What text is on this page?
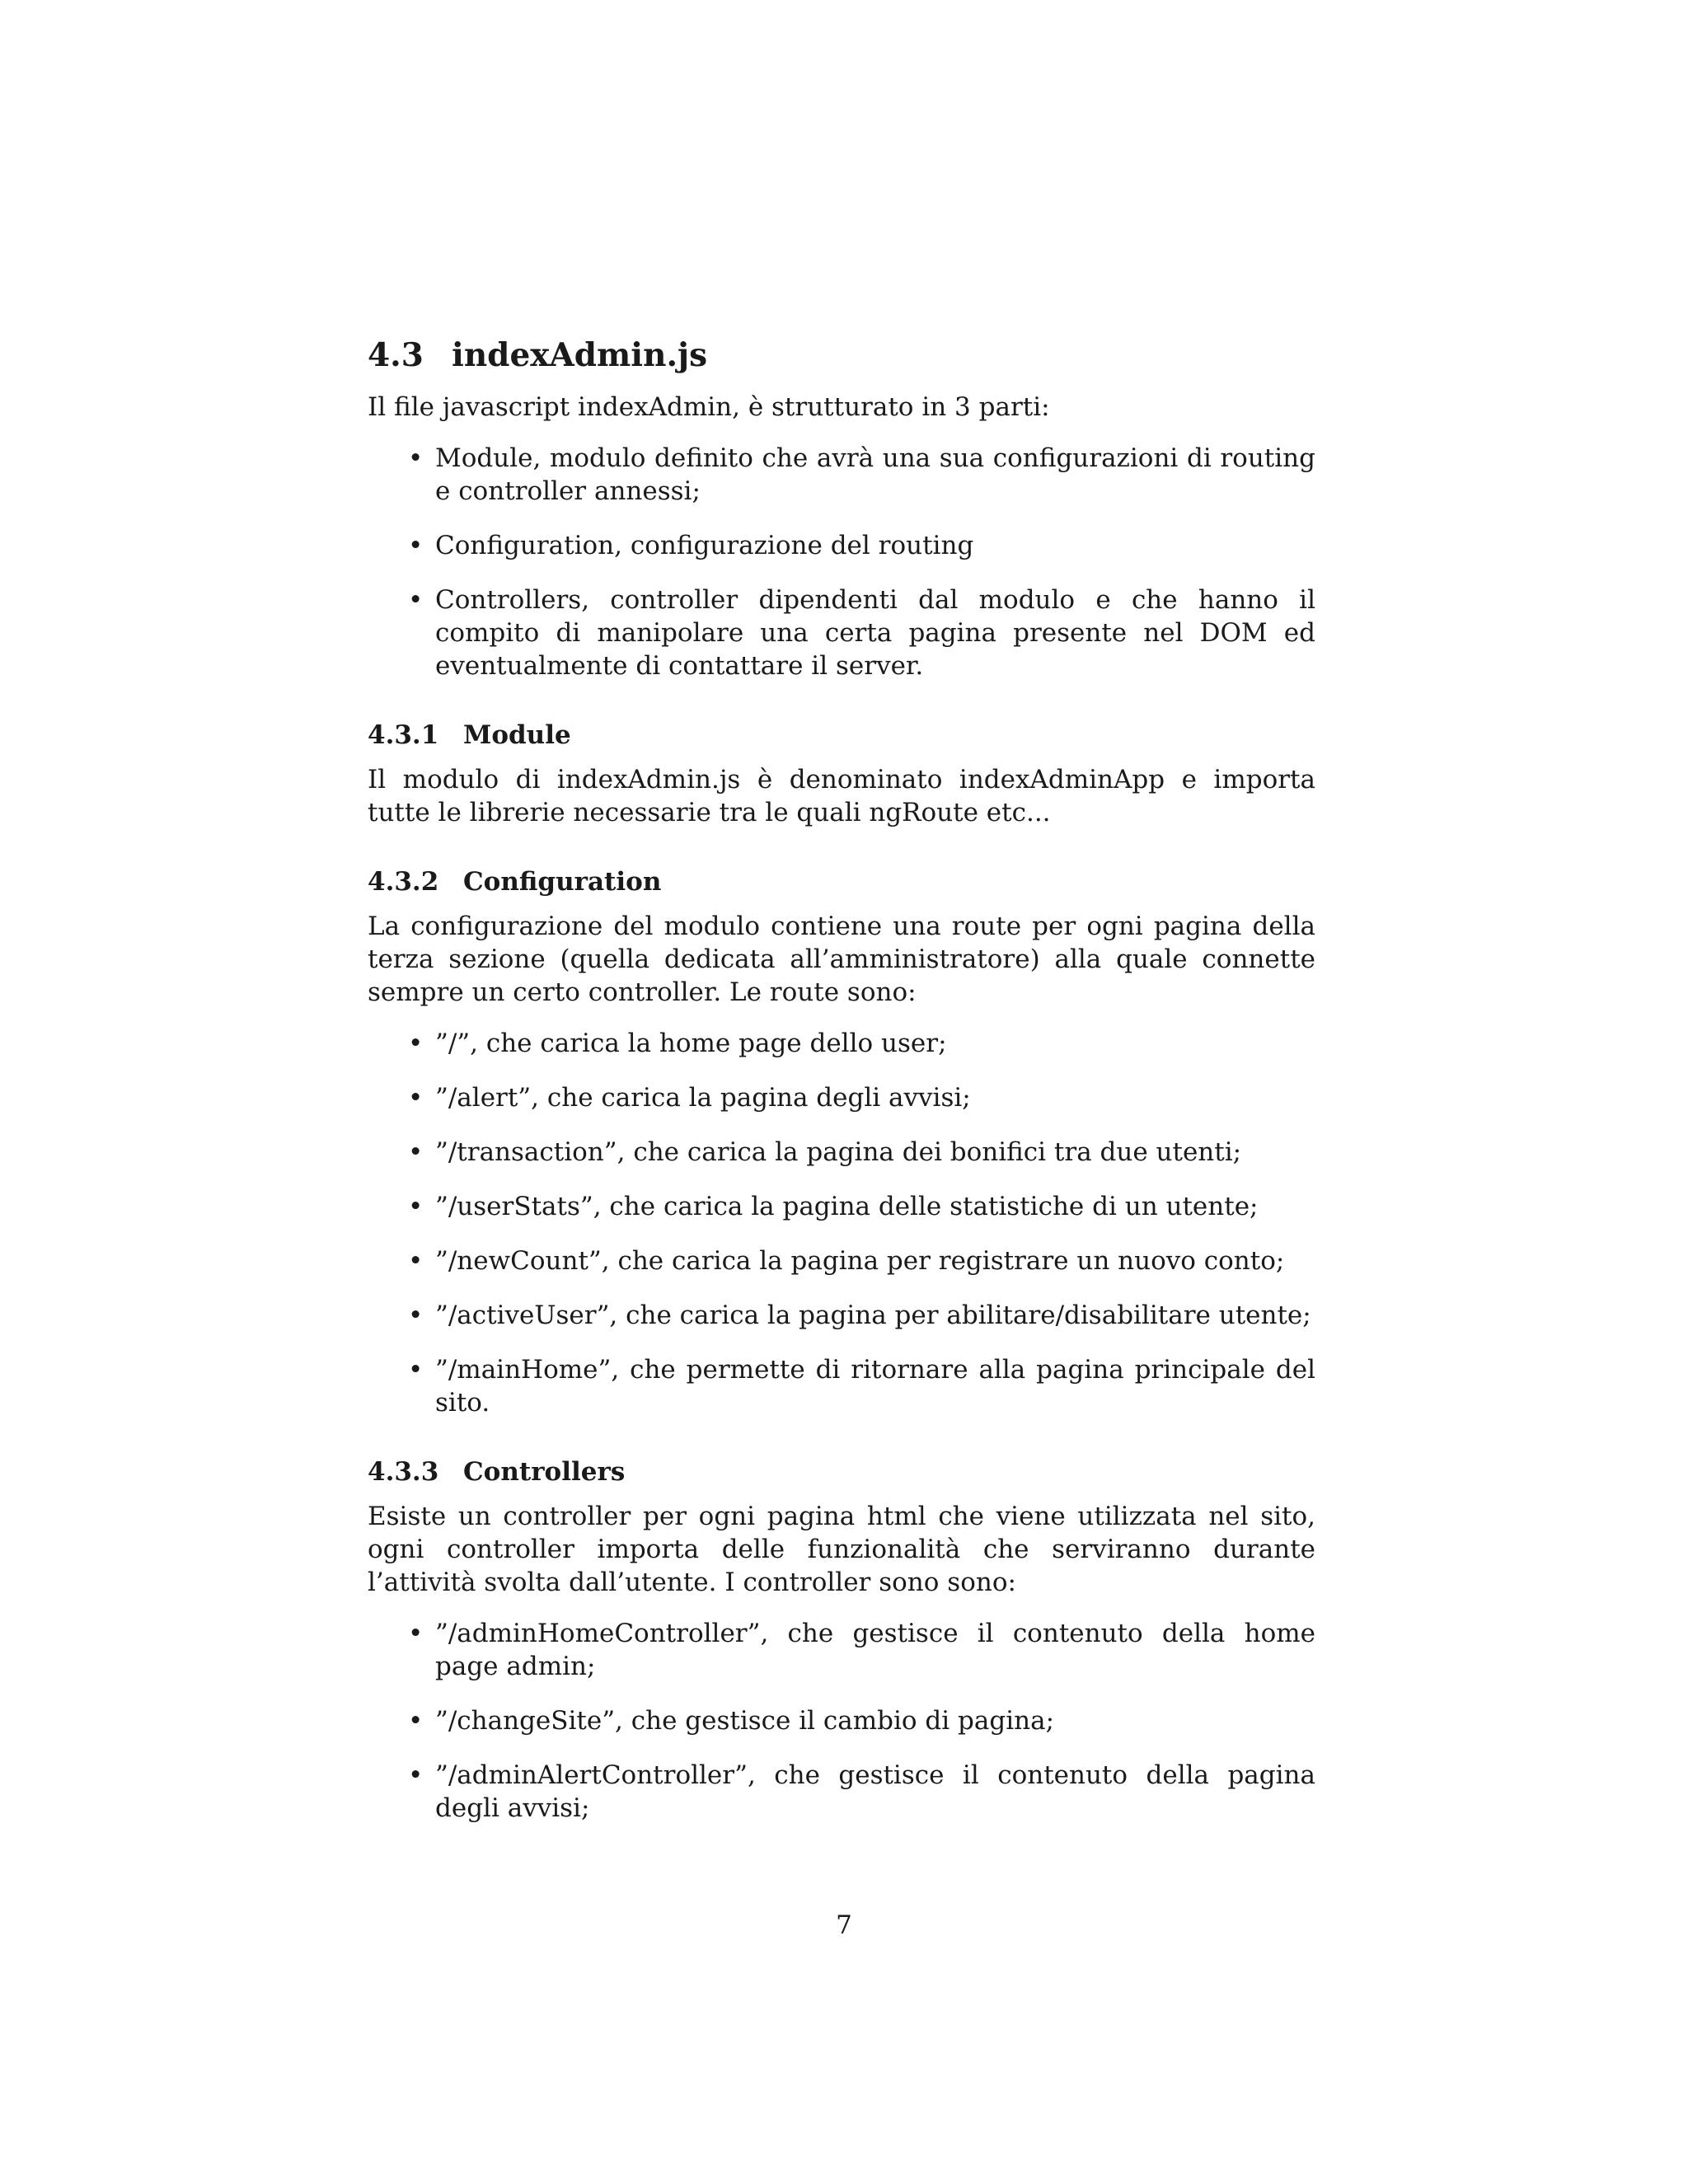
4.3 indexAdmin.js

Il file javascript indexAdmin, è strutturato in 3 parti:

• Module, modulo definito che avrà una sua configurazioni di routing e controller annessi;
• Configuration, configurazione del routing
• Controllers, controller dipendenti dal modulo e che hanno il compito di manipolare una certa pagina presente nel DOM ed eventualmente di contattare il server.
4.3.1 Module

Il modulo di indexAdmin.js è denominato indexAdminApp e importa tutte le librerie necessarie tra le quali ngRoute etc...

4.3.2 Configuration

La configurazione del modulo contiene una route per ogni pagina della terza sezione (quella dedicata all’amministratore) alla quale connette sempre un certo controller. Le route sono:

• ”/”, che carica la home page dello user;
• ”/alert”, che carica la pagina degli avvisi;
• ”/transaction”, che carica la pagina dei bonifici tra due utenti;
• ”/userStats”, che carica la pagina delle statistiche di un utente;
• ”/newCount”, che carica la pagina per registrare un nuovo conto;
• ”/activeUser”, che carica la pagina per abilitare/disabilitare utente;
• ”/mainHome”, che permette di ritornare alla pagina principale del sito.
4.3.3 Controllers

Esiste un controller per ogni pagina html che viene utilizzata nel sito, ogni controller importa delle funzionalità che serviranno durante l’attività svolta dall’utente. I controller sono sono:

• ”/adminHomeController”, che gestisce il contenuto della home page admin;
• ”/changeSite”, che gestisce il cambio di pagina;
• ”/adminAlertController”, che gestisce il contenuto della pagina degli avvisi;
7
